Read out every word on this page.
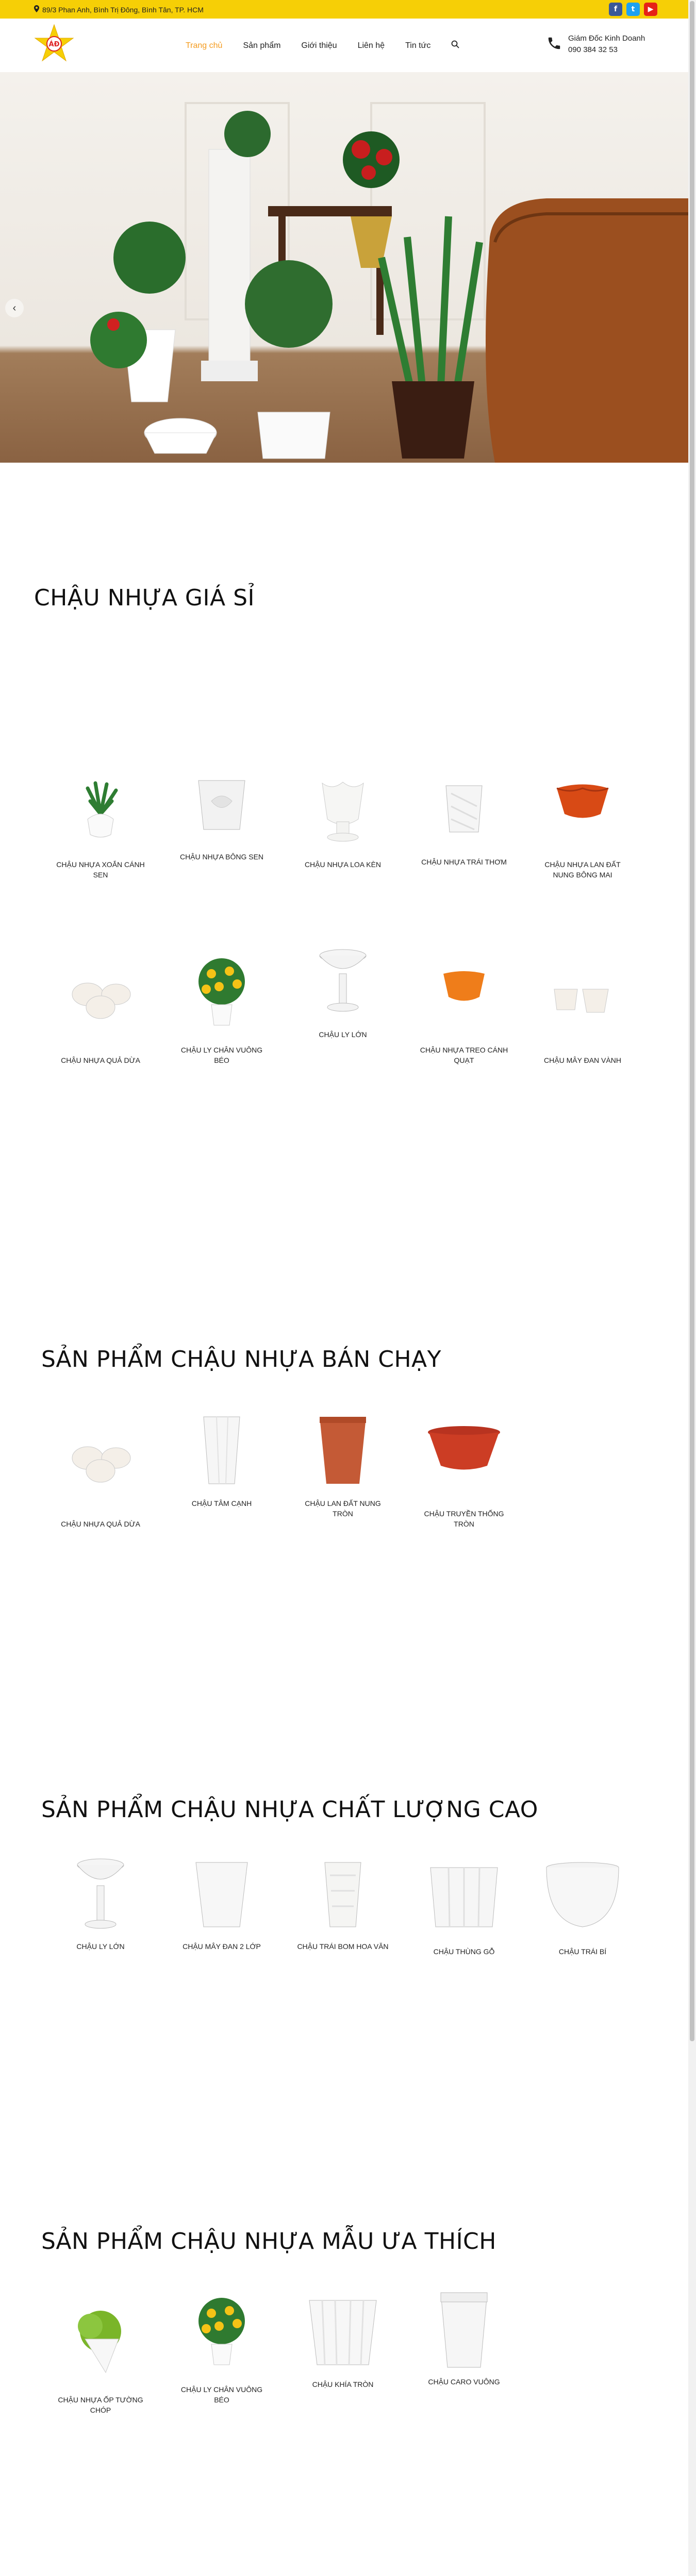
89/3 Phan Anh, Bình Trị Đông, Bình Tân, TP. HCM	f	t	▶
ÁĐ	Trang chủ	Sản phẩm	Giới thiệu	Liên hệ	Tin tức
Giám Đốc Kinh Doanh
090 384 32 53
‹
CHẬU NHỰA GIÁ SỈ
CHẬU NHỰA XOẮN CÁNH SEN
CHẬU NHỰA BÔNG SEN
CHẬU NHỰA LOA KÈN	CHẬU NHỰA TRÁI THƠM	CHẬU NHỰA LAN ĐẤT NUNG BÔNG MAI
CHẬU NHỰA QUẢ DỪA
CHẬU LY CHÂN VUÔNG BÉO
CHẬU LY LỚN
CHẬU NHỰA TREO CÁNH QUẠT	CHẬU MÂY ĐAN VÀNH
SẢN PHẨM CHẬU NHỰA BÁN CHẠY
CHẬU NHỰA QUẢ DỪA
CHẬU TÂM CẠNH	CHẬU LAN ĐẤT NUNG TRÒN	CHẬU TRUYỀN THỐNG TRÒN
SẢN PHẨM CHẬU NHỰA CHẤT LƯỢNG CAO
CHẬU LY LỚN	CHẬU MÂY ĐAN 2 LỚP	CHẬU TRÁI BOM HOA VĂN
CHẬU THÙNG GỖ	CHẬU TRÁI BÍ
SẢN PHẨM CHẬU NHỰA MẪU ƯA THÍCH
CHẬU NHỰA ỐP TƯỜNG CHÓP
CHẬU LY CHÂN VUÔNG BÉO
CHẬU KHÍA TRÒN	CHẬU CARO VUÔNG
